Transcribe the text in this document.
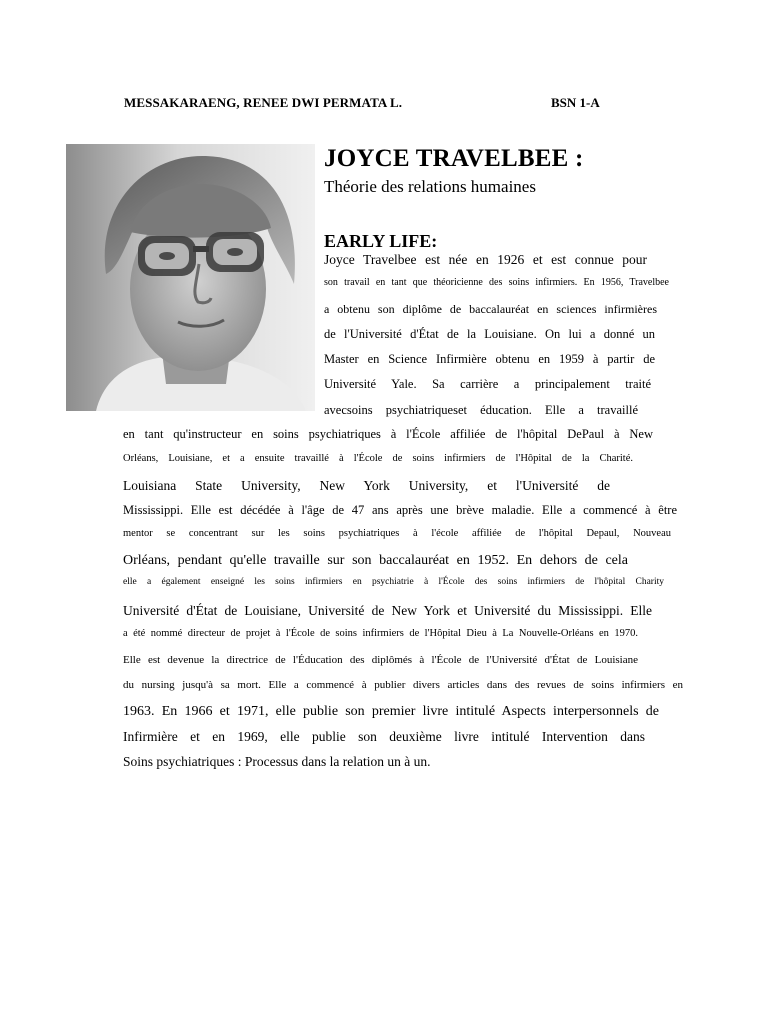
MESSAKARAENG, RENEE DWI PERMATA L.	BSN 1-A
JOYCE TRAVELBEE :
Théorie des relations humaines
EARLY LIFE:
Joyce Travelbee est née en 1926 et est connue pour
son travail en tant que théoricienne des soins infirmiers. En 1956, Travelbee
a obtenu son diplôme de baccalauréat en sciences infirmières
de l'Université d'État de la Louisiane. On lui a donné un
Master en Science Infirmière obtenu en 1959 à partir de
Université Yale. Sa carrière a principalement traité
avecsoins psychiatriqueset éducation. Elle a travaillé
en tant qu'instructeur en soins psychiatriques à l'École affiliée de l'hôpital DePaul à New
Orléans, Louisiane, et a ensuite travaillé à l'École de soins infirmiers de l'Hôpital de la Charité.
Louisiana State University, New York University, et l'Université de
Mississippi. Elle est décédée à l'âge de 47 ans après une brève maladie. Elle a commencé à être
mentor se concentrant sur les soins psychiatriques à l'école affiliée de l'hôpital Depaul, Nouveau
Orléans, pendant qu'elle travaille sur son baccalauréat en 1952. En dehors de cela
elle a également enseigné les soins infirmiers en psychiatrie à l'École des soins infirmiers de l'hôpital Charity
Université d'État de Louisiane, Université de New York et Université du Mississippi. Elle
a été nommé directeur de projet à l'École de soins infirmiers de l'Hôpital Dieu à La Nouvelle-Orléans en 1970.
Elle est devenue la directrice de l'Éducation des diplômés à l'École de l'Université d'État de Louisiane
du nursing jusqu'à sa mort. Elle a commencé à publier divers articles dans des revues de soins infirmiers en
1963. En 1966 et 1971, elle publie son premier livre intitulé Aspects interpersonnels de
Infirmière et en 1969, elle publie son deuxième livre intitulé Intervention dans
Soins psychiatriques : Processus dans la relation un à un.
